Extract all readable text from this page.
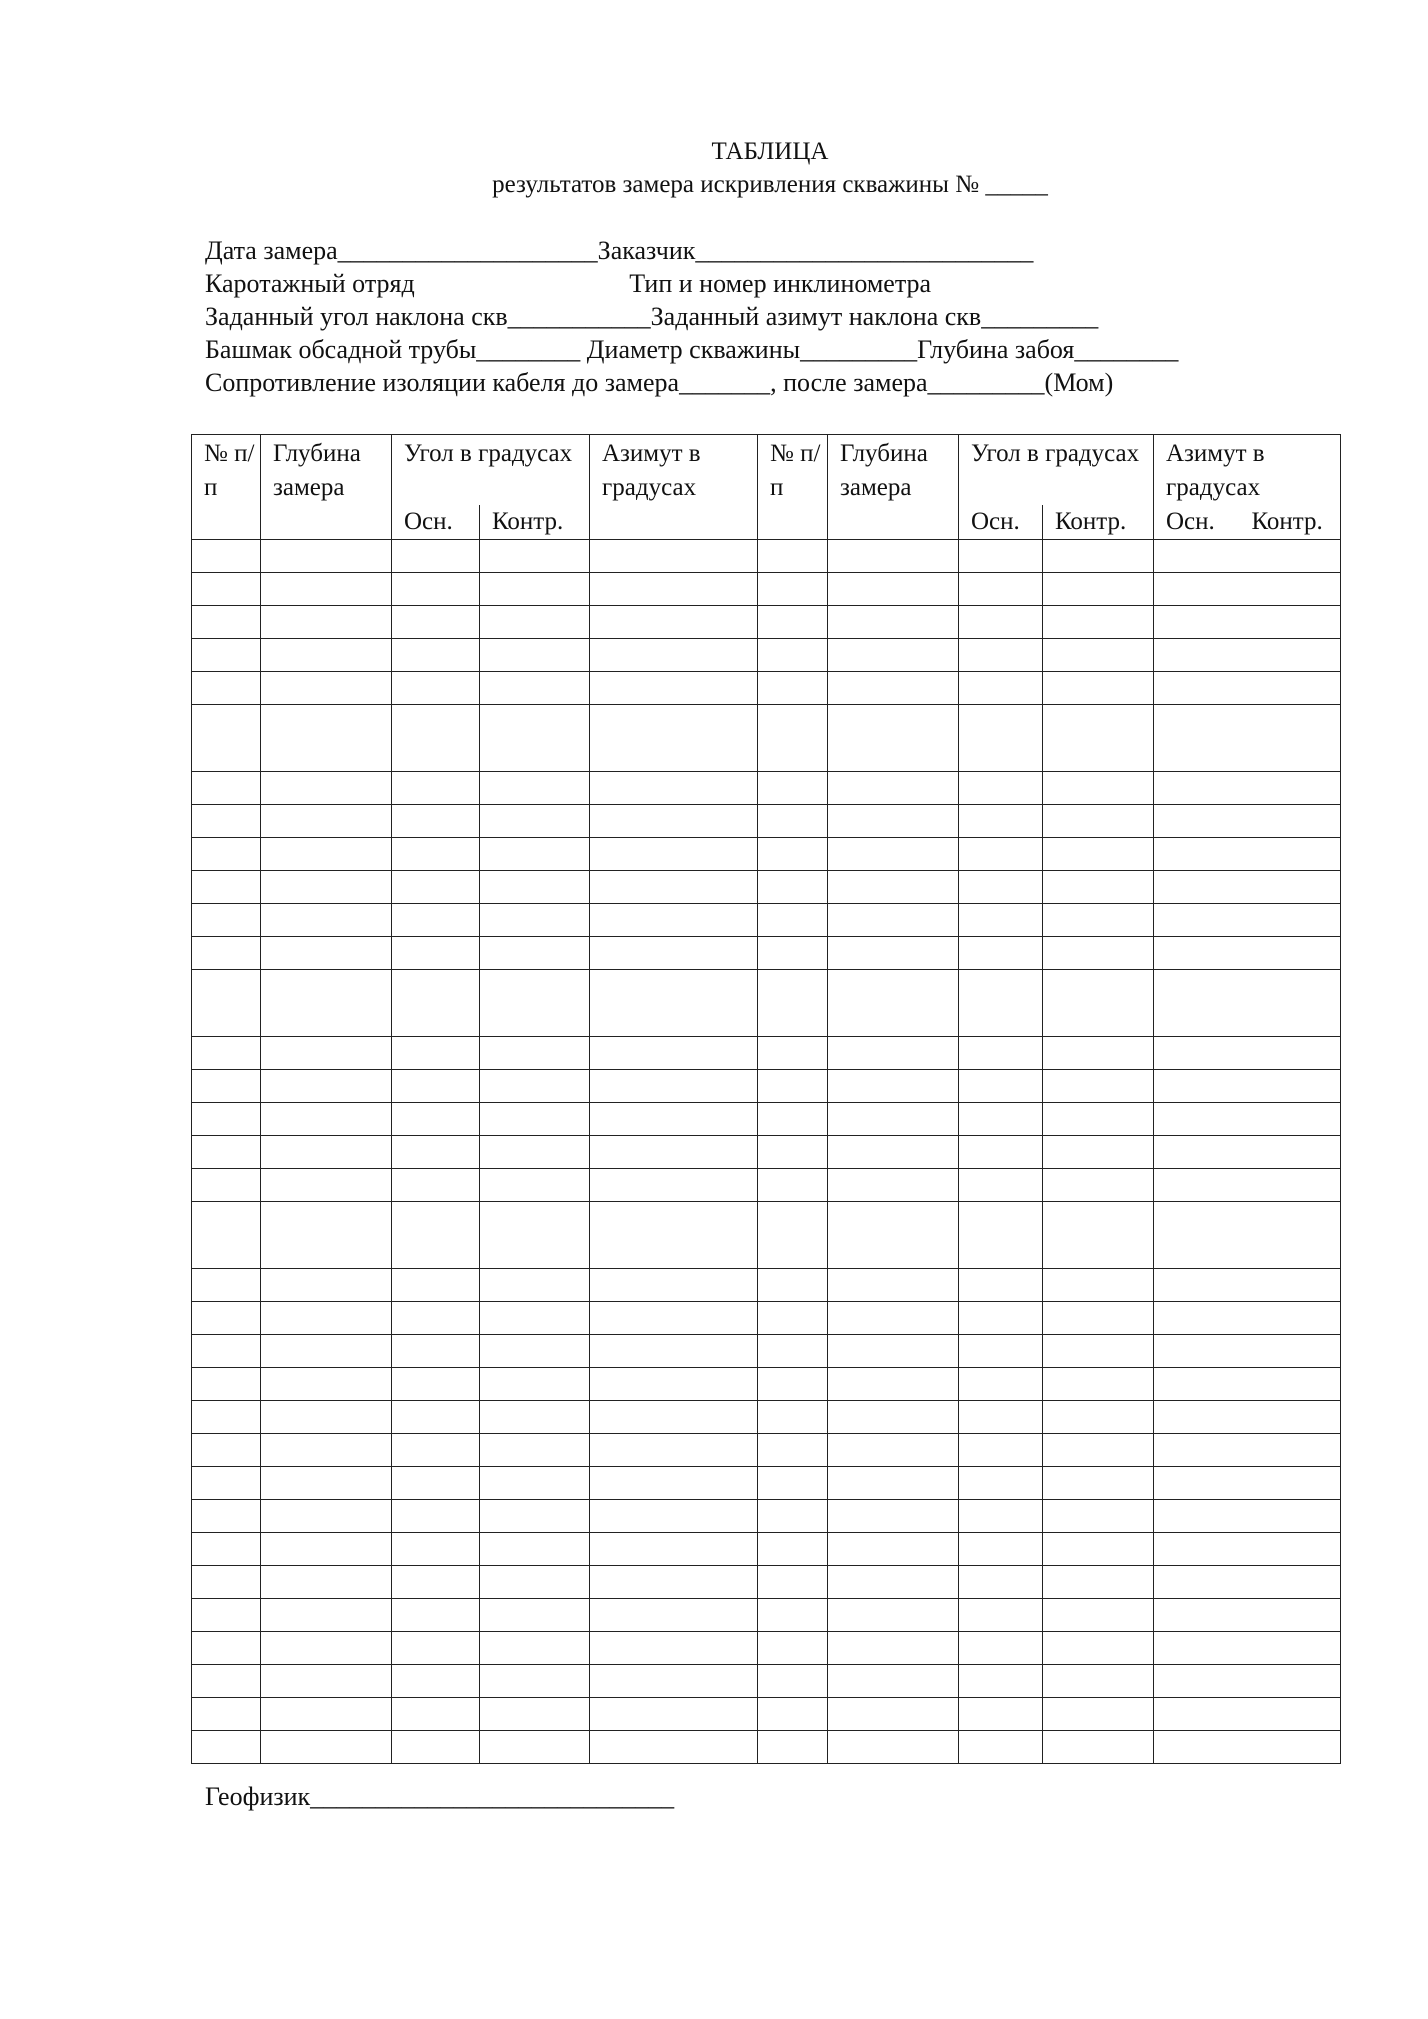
ТАБЛИЦА
результатов замера искривления скважины № _____
Дата замера____________________Заказчик__________________________
Каротажный отряд                                 Тип и номер инклинометра
Заданный угол наклона скв___________Заданный азимут наклона скв_________
Башмак обсадной трубы________ Диаметр скважины_________Глубина забоя________
Сопротивление изоляции кабеля до замера_______, после замера_________(Мом)
№ п/п	Глубина замера	Угол в градусах		Азимут в градусах	№ п/п	Глубина замера	Угол в градусах		Азимут в градусах	
		Осн.	Контр.				Осн.	Контр.	Осн.	Контр.

Геофизик____________________________
